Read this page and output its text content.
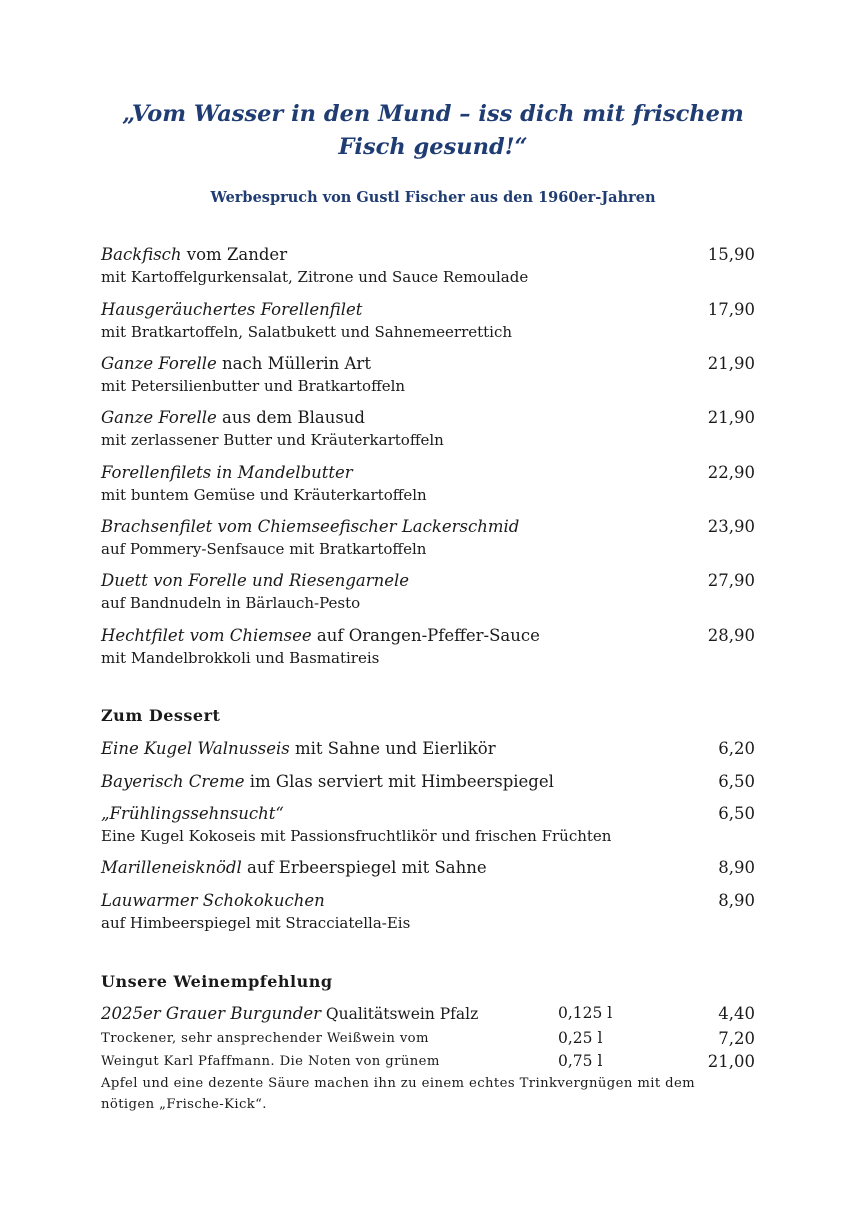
„Vom Wasser in den Mund – iss dich mit frischem
Fisch gesund!“
Werbespruch von Gustl Fischer aus den 1960er-Jahren
Backfisch vom Zander
mit Kartoffelgurkensalat, Zitrone und Sauce Remoulade
15,90
Hausgeräuchertes Forellenfilet
mit Bratkartoffeln, Salatbukett und Sahnemeerrettich
17,90
Ganze Forelle nach Müllerin Art
mit Petersilienbutter und Bratkartoffeln
21,90
Ganze Forelle aus dem Blausud
mit zerlassener Butter und Kräuterkartoffeln
21,90
Forellenfilets in Mandelbutter
mit buntem Gemüse und Kräuterkartoffeln
22,90
Brachsenfilet vom Chiemseefischer Lackerschmid
auf Pommery-Senfsauce mit Bratkartoffeln
23,90
Duett von Forelle und Riesengarnele
auf Bandnudeln in Bärlauch-Pesto
27,90
Hechtfilet vom Chiemsee auf Orangen-Pfeffer-Sauce
mit Mandelbrokkoli und Basmatireis
28,90
Zum Dessert
Eine Kugel Walnusseis mit Sahne und Eierlikör	6,20
Bayerisch Creme im Glas serviert mit Himbeerspiegel	6,50
„Frühlingssehnsucht“
Eine Kugel Kokoseis mit Passionsfruchtlikör und frischen Früchten
6,50
Marilleneisknödl auf Erbeerspiegel mit Sahne	8,90
Lauwarmer Schokokuchen
auf Himbeerspiegel mit Stracciatella-Eis
8,90
Unsere Weinempfehlung
2025er Grauer Burgunder Qualitätswein Pfalz	0,125 l	4,40
Trockener, sehr ansprechender Weißwein vom	0,25 l	7,20
Weingut Karl Pfaffmann. Die Noten von grünem	0,75 l	21,00
Apfel und eine dezente Säure machen ihn zu einem echtes Trinkvergnügen mit dem
nötigen „Frische-Kick“.
